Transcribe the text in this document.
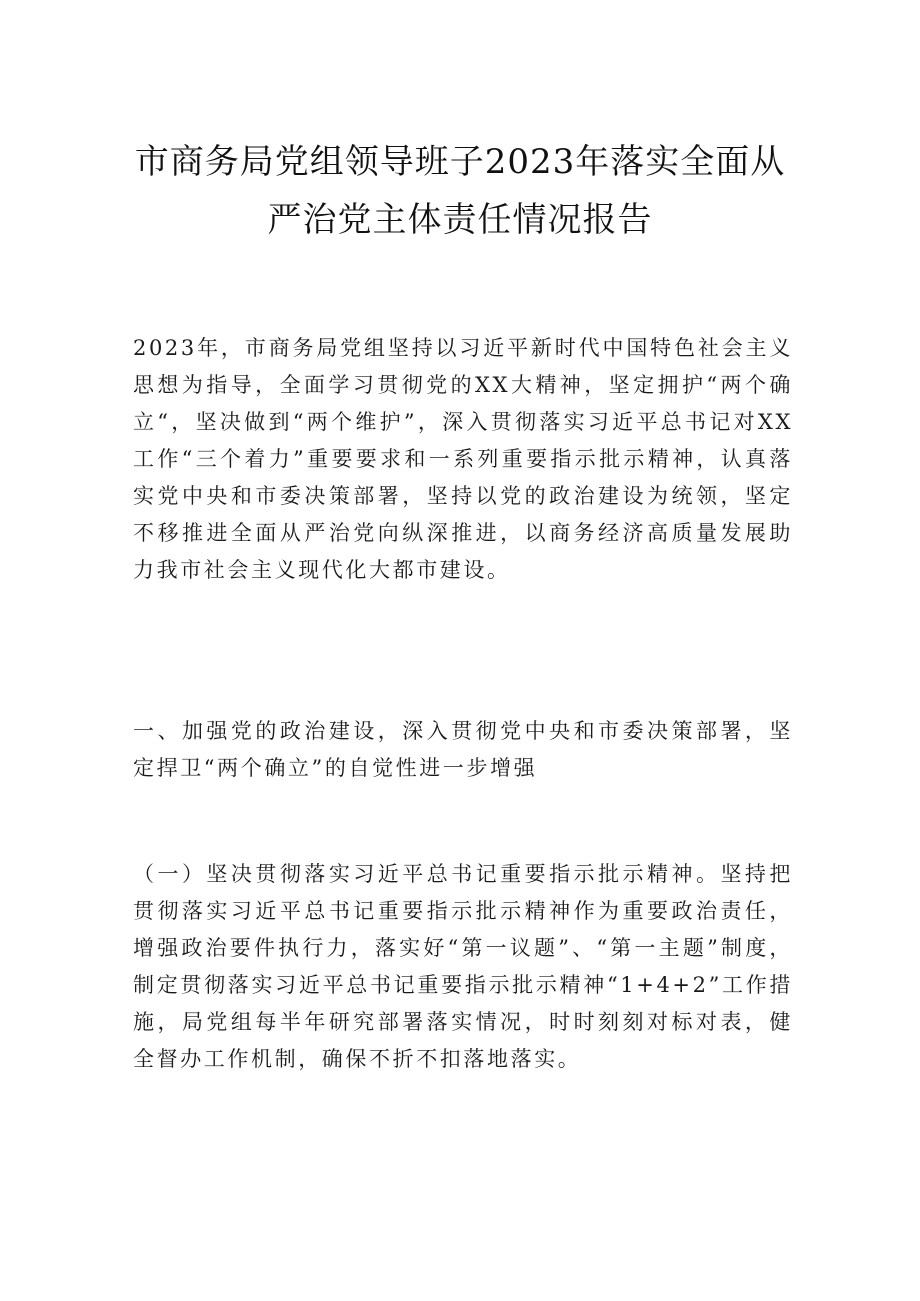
市商务局党组领导班子2023年落实全面从
严治党主体责任情况报告
2023年，市商务局党组坚持以习近平新时代中国特色社会主义思想为指导，全面学习贯彻党的XX大精神，坚定拥护“两个确立“，坚决做到“两个维护”，深入贯彻落实习近平总书记对XX工作“三个着力”重要要求和一系列重要指示批示精神，认真落实党中央和市委决策部署，坚持以党的政治建设为统领，坚定不移推进全面从严治党向纵深推进，以商务经济高质量发展助力我市社会主义现代化大都市建设。
一、加强党的政治建设，深入贯彻党中央和市委决策部署，坚定捍卫“两个确立”的自觉性进一步增强
（一）坚决贯彻落实习近平总书记重要指示批示精神。坚持把贯彻落实习近平总书记重要指示批示精神作为重要政治责任，增强政治要件执行力，落实好“第一议题”、“第一主题”制度，制定贯彻落实习近平总书记重要指示批示精神“1+4+2”工作措施，局党组每半年研究部署落实情况，时时刻刻对标对表，健全督办工作机制，确保不折不扣落地落实。
